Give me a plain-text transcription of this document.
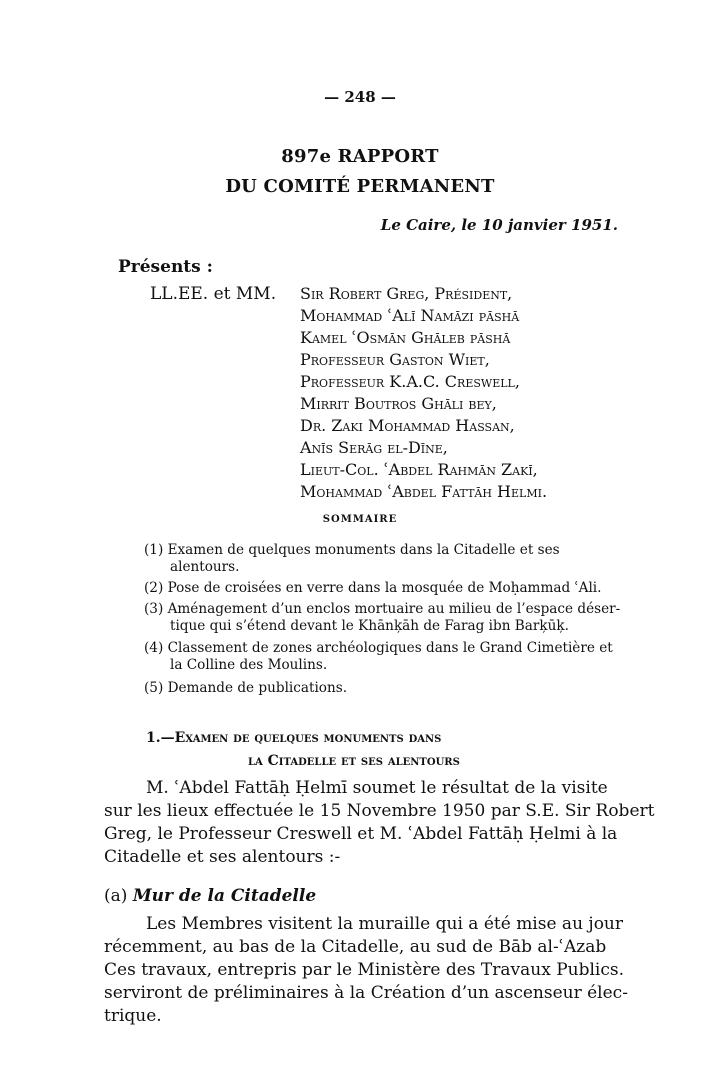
— 248 —
897e RAPPORT
DU COMITÉ PERMANENT
Le Caire, le 10 janvier 1951.
Présents :
LL.EE. et MM. Sir Robert Greg, Président,
Mohammad ʿAlī Namāzi pāshā
Kamel ʿOsmān Ghāleb pāshā
Professeur Gaston Wiet,
Professeur K.A.C. Creswell,
Mirrit Boutros Ghāli bey,
Dr. Zaki Mohammad Hassan,
Anīs Serāg el-Dīne,
Lieut-Col. ʿAbdel Rahmān Zakī,
Mohammad ʿAbdel Fattāh Helmi.
SOMMAIRE
(1) Examen de quelques monuments dans la Citadelle et ses
alentours.
(2) Pose de croisées en verre dans la mosquée de Moḥammad ʿAli.
(3) Aménagement d’un enclos mortuaire au milieu de l’espace déser-
tique qui s’étend devant le Khānķāh de Farag ibn Barķūķ.
(4) Classement de zones archéologiques dans le Grand Cimetière et
la Colline des Moulins.
(5) Demande de publications.
1.—Examen de quelques monuments dans
la Citadelle et ses alentours
M. ʿAbdel Fattāḥ Ḥelmī soumet le résultat de la visite
sur les lieux effectuée le 15 Novembre 1950 par S.E. Sir Robert
Greg, le Professeur Creswell et M. ʿAbdel Fattāḥ Ḥelmi à la
Citadelle et ses alentours :-
(a) Mur de la Citadelle
Les Membres visitent la muraille qui a été mise au jour
récemment, au bas de la Citadelle, au sud de Bāb al-ʿAzab
Ces travaux, entrepris par le Ministère des Travaux Publics.
serviront de préliminaires à la Création d’un ascenseur élec-
trique.
